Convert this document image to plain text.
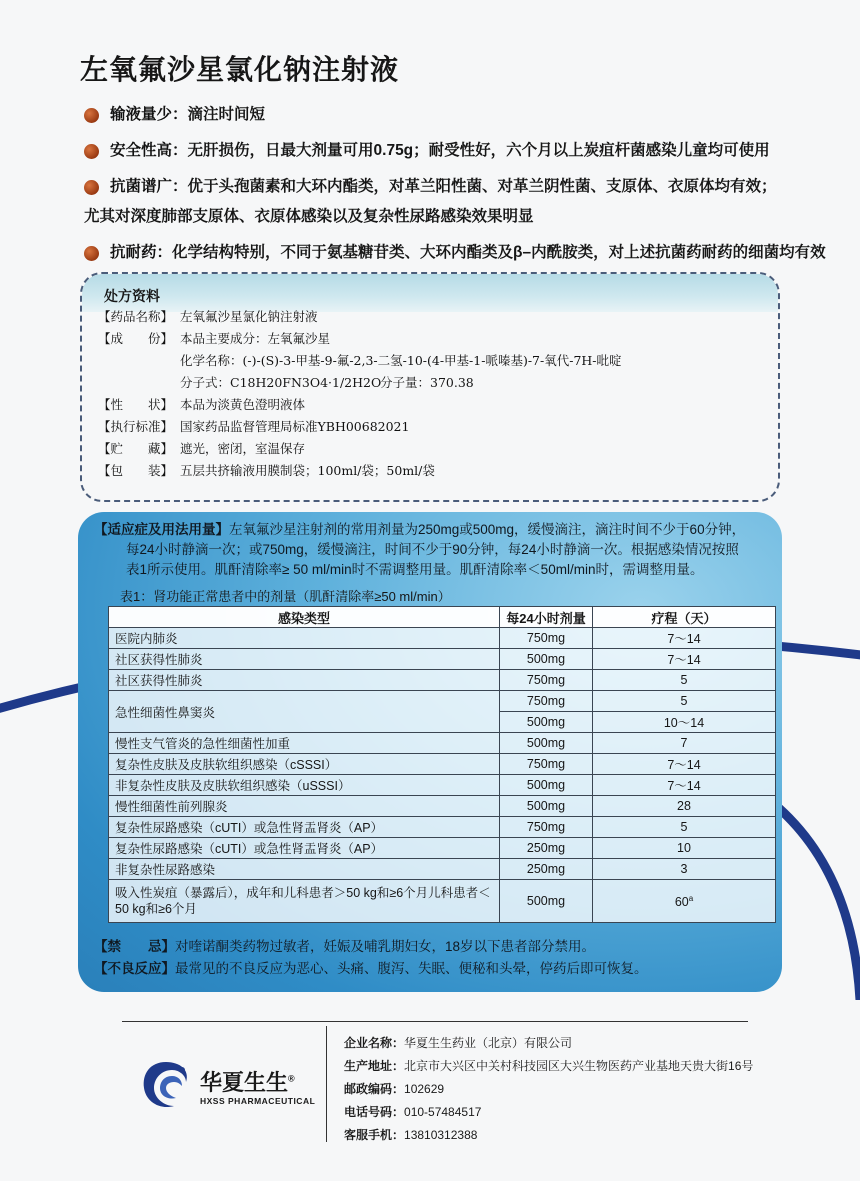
左氧氟沙星氯化钠注射液
输液量少：滴注时间短
安全性高：无肝损伤，日最大剂量可用0.75g；耐受性好，六个月以上炭疽杆菌感染儿童均可使用
抗菌谱广：优于头孢菌素和大环内酯类，对革兰阳性菌、对革兰阴性菌、支原体、衣原体均有效；
尤其对深度肺部支原体、衣原体感染以及复杂性尿路感染效果明显
抗耐药：化学结构特别，不同于氨基糖苷类、大环内酯类及β–内酰胺类，对上述抗菌药耐药的细菌均有效
处方资料
【药品名称】 左氧氟沙星氯化钠注射液
【成　　份】 本品主要成分：左氧氟沙星
化学名称：(-)-(S)-3-甲基-9-氟-2,3-二氢-10-(4-甲基-1-哌嗪基)-7-氧代-7H-吡啶
分子式：C18H20FN3O4·1/2H2O
分子量：370.38
【性　　状】 本品为淡黄色澄明液体
【执行标准】 国家药品监督管理局标准YBH00682021
【贮　　藏】 遮光，密闭，室温保存
【包　　装】 五层共挤输液用膜制袋；100ml/袋；50ml/袋
【适应症及用法用量】左氧氟沙星注射剂的常用剂量为250mg或500mg，缓慢滴注，滴注时间不少于60分钟，
每24小时静滴一次；或750mg，缓慢滴注，时间不少于90分钟，每24小时静滴一次。根据感染情况按照
表1所示使用。肌酐清除率≥ 50 ml/min时不需调整用量。肌酐清除率＜50ml/min时，需调整用量。
表1：肾功能正常患者中的剂量（肌酐清除率≥50 ml/min）
感染类型	每24小时剂量	疗程（天）
医院内肺炎	750mg	7～14
社区获得性肺炎	500mg	7～14
社区获得性肺炎	750mg	5
急性细菌性鼻窦炎	750mg	5
	500mg	10～14
慢性支气管炎的急性细菌性加重	500mg	7
复杂性皮肤及皮肤软组织感染（cSSSI）	750mg	7～14
非复杂性皮肤及皮肤软组织感染（uSSSI）	500mg	7～14
慢性细菌性前列腺炎	500mg	28
复杂性尿路感染（cUTI）或急性肾盂肾炎（AP）	750mg	5
复杂性尿路感染（cUTI）或急性肾盂肾炎（AP）	250mg	10
非复杂性尿路感染	250mg	3
吸入性炭疽（暴露后），成年和儿科患者＞50 kg和≥6个月儿科患者＜50 kg和≥6个月	500mg	60$^a$
【禁　　忌】对喹诺酮类药物过敏者，妊娠及哺乳期妇女，18岁以下患者部分禁用。
【不良反应】最常见的不良反应为恶心、头痛、腹泻、失眠、便秘和头晕，停药后即可恢复。
华夏生生®
HXSS PHARMACEUTICAL
企业名称：华夏生生药业（北京）有限公司
生产地址：北京市大兴区中关村科技园区大兴生物医药产业基地天贵大街16号
邮政编码：102629
电话号码：010-57484517
客服手机：13810312388
